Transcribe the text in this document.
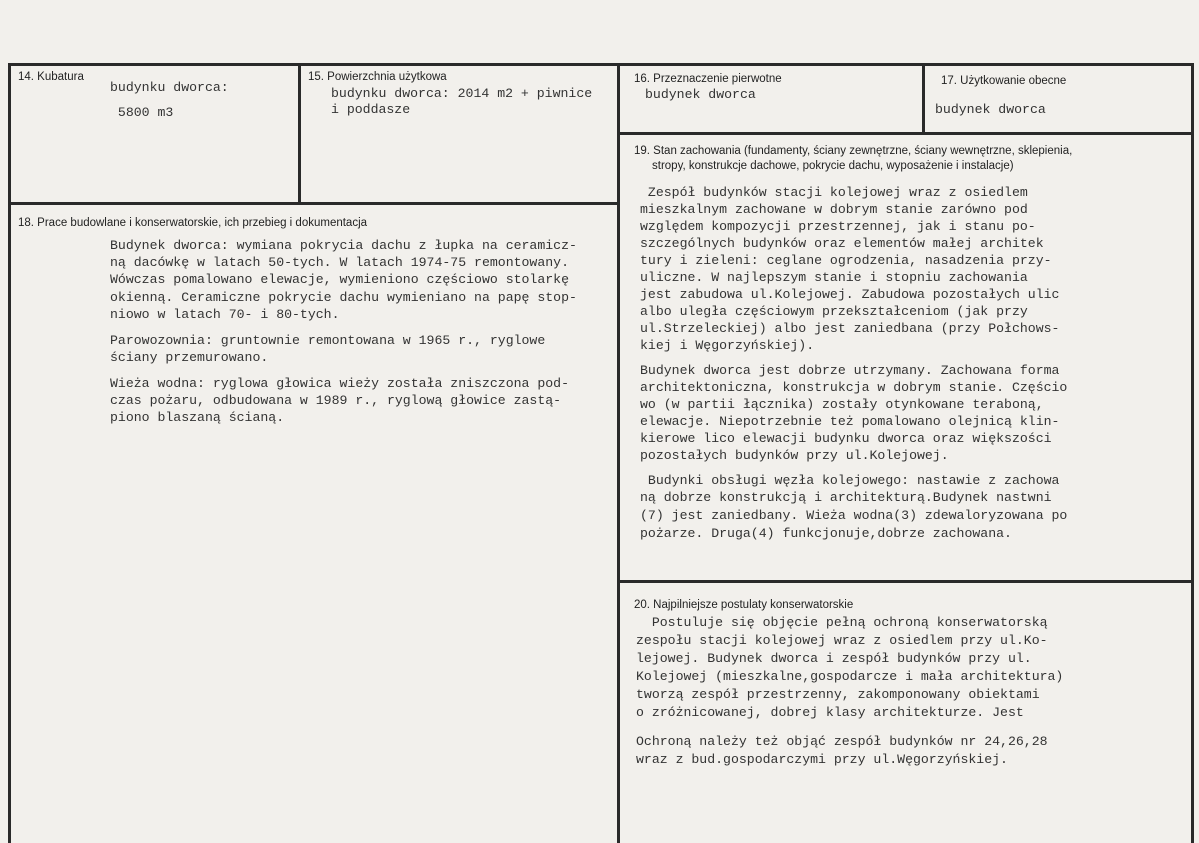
14. Kubatura
budynku dworca:
5800 m3
15. Powierzchnia użytkowa
budynku dworca: 2014 m2 + piwnice
i poddasze
16. Przeznaczenie pierwotne
budynek dworca
17. Użytkowanie obecne
budynek dworca
18. Prace budowlane i konserwatorskie, ich przebieg i dokumentacja
Budynek dworca: wymiana pokrycia dachu z łupka na ceramicz-
ną dacówkę w latach 50-tych. W latach 1974-75 remontowany.
Wówczas pomalowano elewacje, wymieniono częściowo stolarkę
okienną. Ceramiczne pokrycie dachu wymieniano na papę stop-
niowo w latach 70- i 80-tych.
Parowozownia: gruntownie remontowana w 1965 r., ryglowe
ściany przemurowano.
Wieża wodna: ryglowa głowica wieży została zniszczona pod-
czas pożaru, odbudowana w 1989 r., ryglową głowice zastą-
piono blaszaną ścianą.
19. Stan zachowania (fundamenty, ściany zewnętrzne, ściany wewnętrzne, sklepienia,
stropy, konstrukcje dachowe, pokrycie dachu, wyposażenie i instalacje)
Zespół budynków stacji kolejowej wraz z osiedlem
mieszkalnym zachowane w dobrym stanie zarówno pod
względem kompozycji przestrzennej, jak i stanu po-
szczególnych budynków oraz elementów małej architek
tury i zieleni: ceglane ogrodzenia, nasadzenia przy-
uliczne. W najlepszym stanie i stopniu zachowania
jest zabudowa ul.Kolejowej. Zabudowa pozostałych ulic
albo uległa częściowym przekształceniom (jak przy
ul.Strzeleckiej) albo jest zaniedbana (przy Połchows-
kiej i Węgorzyńskiej).
Budynek dworca jest dobrze utrzymany. Zachowana forma
architektoniczna, konstrukcja w dobrym stanie. Częścio
wo (w partii łącznika) zostały otynkowane teraboną,
elewacje. Niepotrzebnie też pomalowano olejnicą klin-
kierowe lico elewacji budynku dworca oraz większości
pozostałych budynków przy ul.Kolejowej.
Budynki obsługi węzła kolejowego: nastawie z zachowa
ną dobrze konstrukcją i architekturą.Budynek nastwni
(7) jest zaniedbany. Wieża wodna(3) zdewaloryzowana po
pożarze. Druga(4) funkcjonuje,dobrze zachowana.
20. Najpilniejsze postulaty konserwatorskie
Postuluje się objęcie pełną ochroną konserwatorską
zespołu stacji kolejowej wraz z osiedlem przy ul.Ko-
lejowej. Budynek dworca i zespół budynków przy ul.
Kolejowej (mieszkalne,gospodarcze i mała architektura)
tworzą zespół przestrzenny, zakomponowany obiektami
o zróżnicowanej, dobrej klasy architekturze. Jest
Ochroną należy też objąć zespół budynków nr 24,26,28
wraz z bud.gospodarczymi przy ul.Węgorzyńskiej.
